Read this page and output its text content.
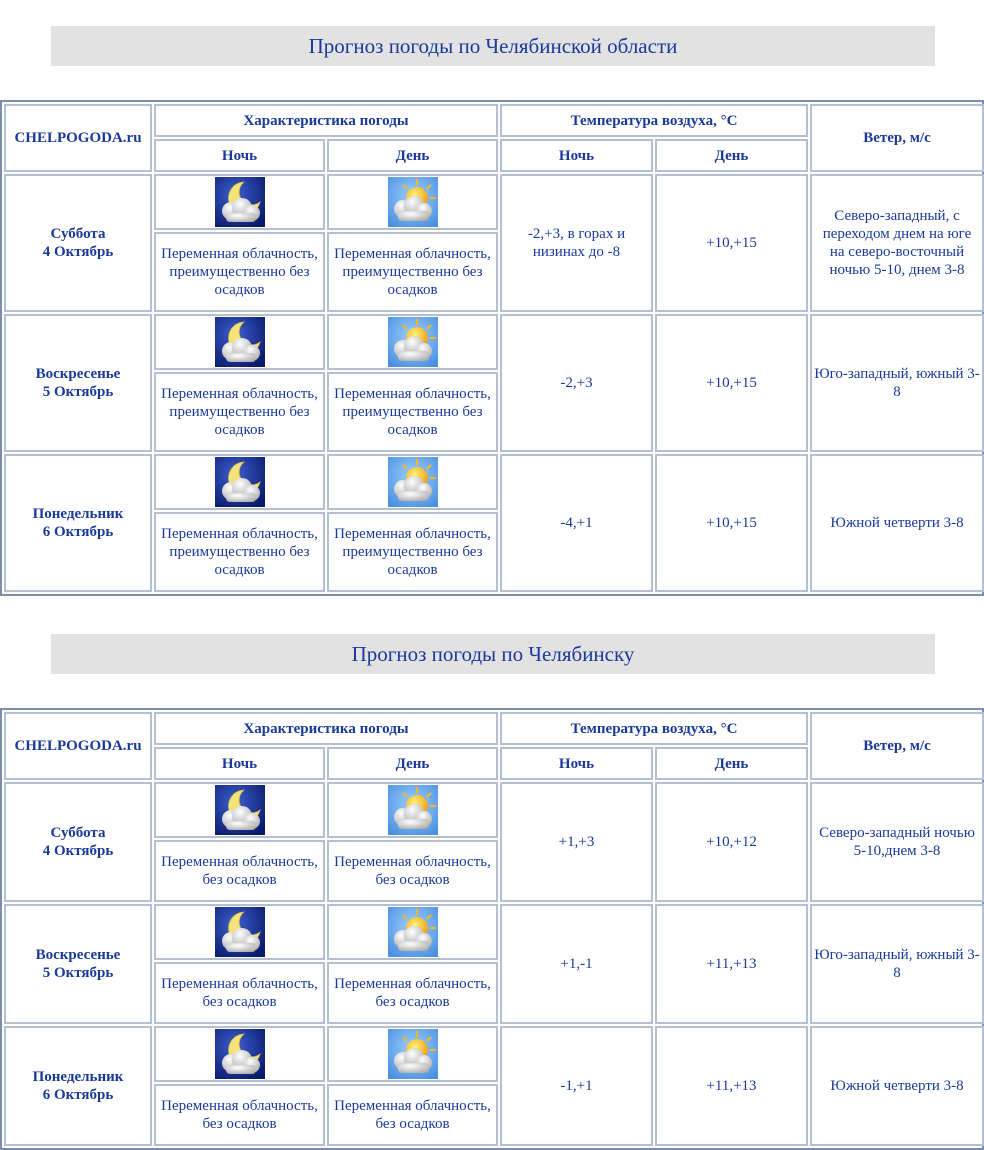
Прогноз погоды по Челябинской области
CHELPOGODA.ru	Характеристика погоды		Температура воздуха, °С		Ветер, м/с
	Ночь	День	Ночь	День	
Суббота
4 Октябрь			-2,+3, в горах и низинах до -8	+10,+15	Северо-западный, с переходом днем на юге на северо-восточный ночью 5-10, днем 3-8
	Переменная облачность, преимущественно без осадков	Переменная облачность, преимущественно без осадков			
Воскресенье
5 Октябрь			-2,+3	+10,+15	Юго-западный, южный 3-8
	Переменная облачность, преимущественно без осадков	Переменная облачность, преимущественно без осадков			
Понедельник
6 Октябрь			-4,+1	+10,+15	Южной четверти 3-8
	Переменная облачность, преимущественно без осадков	Переменная облачность, преимущественно без осадков			
Прогноз погоды по Челябинску
CHELPOGODA.ru	Характеристика погоды		Температура воздуха, °С		Ветер, м/с
	Ночь	День	Ночь	День	
Суббота
4 Октябрь			+1,+3	+10,+12	Северо-западный ночью 5-10,днем 3-8
	Переменная облачность, без осадков	Переменная облачность, без осадков			
Воскресенье
5 Октябрь			+1,-1	+11,+13	Юго-западный, южный 3-8
	Переменная облачность, без осадков	Переменная облачность, без осадков			
Понедельник
6 Октябрь			-1,+1	+11,+13	Южной четверти 3-8
	Переменная облачность, без осадков	Переменная облачность, без осадков			
